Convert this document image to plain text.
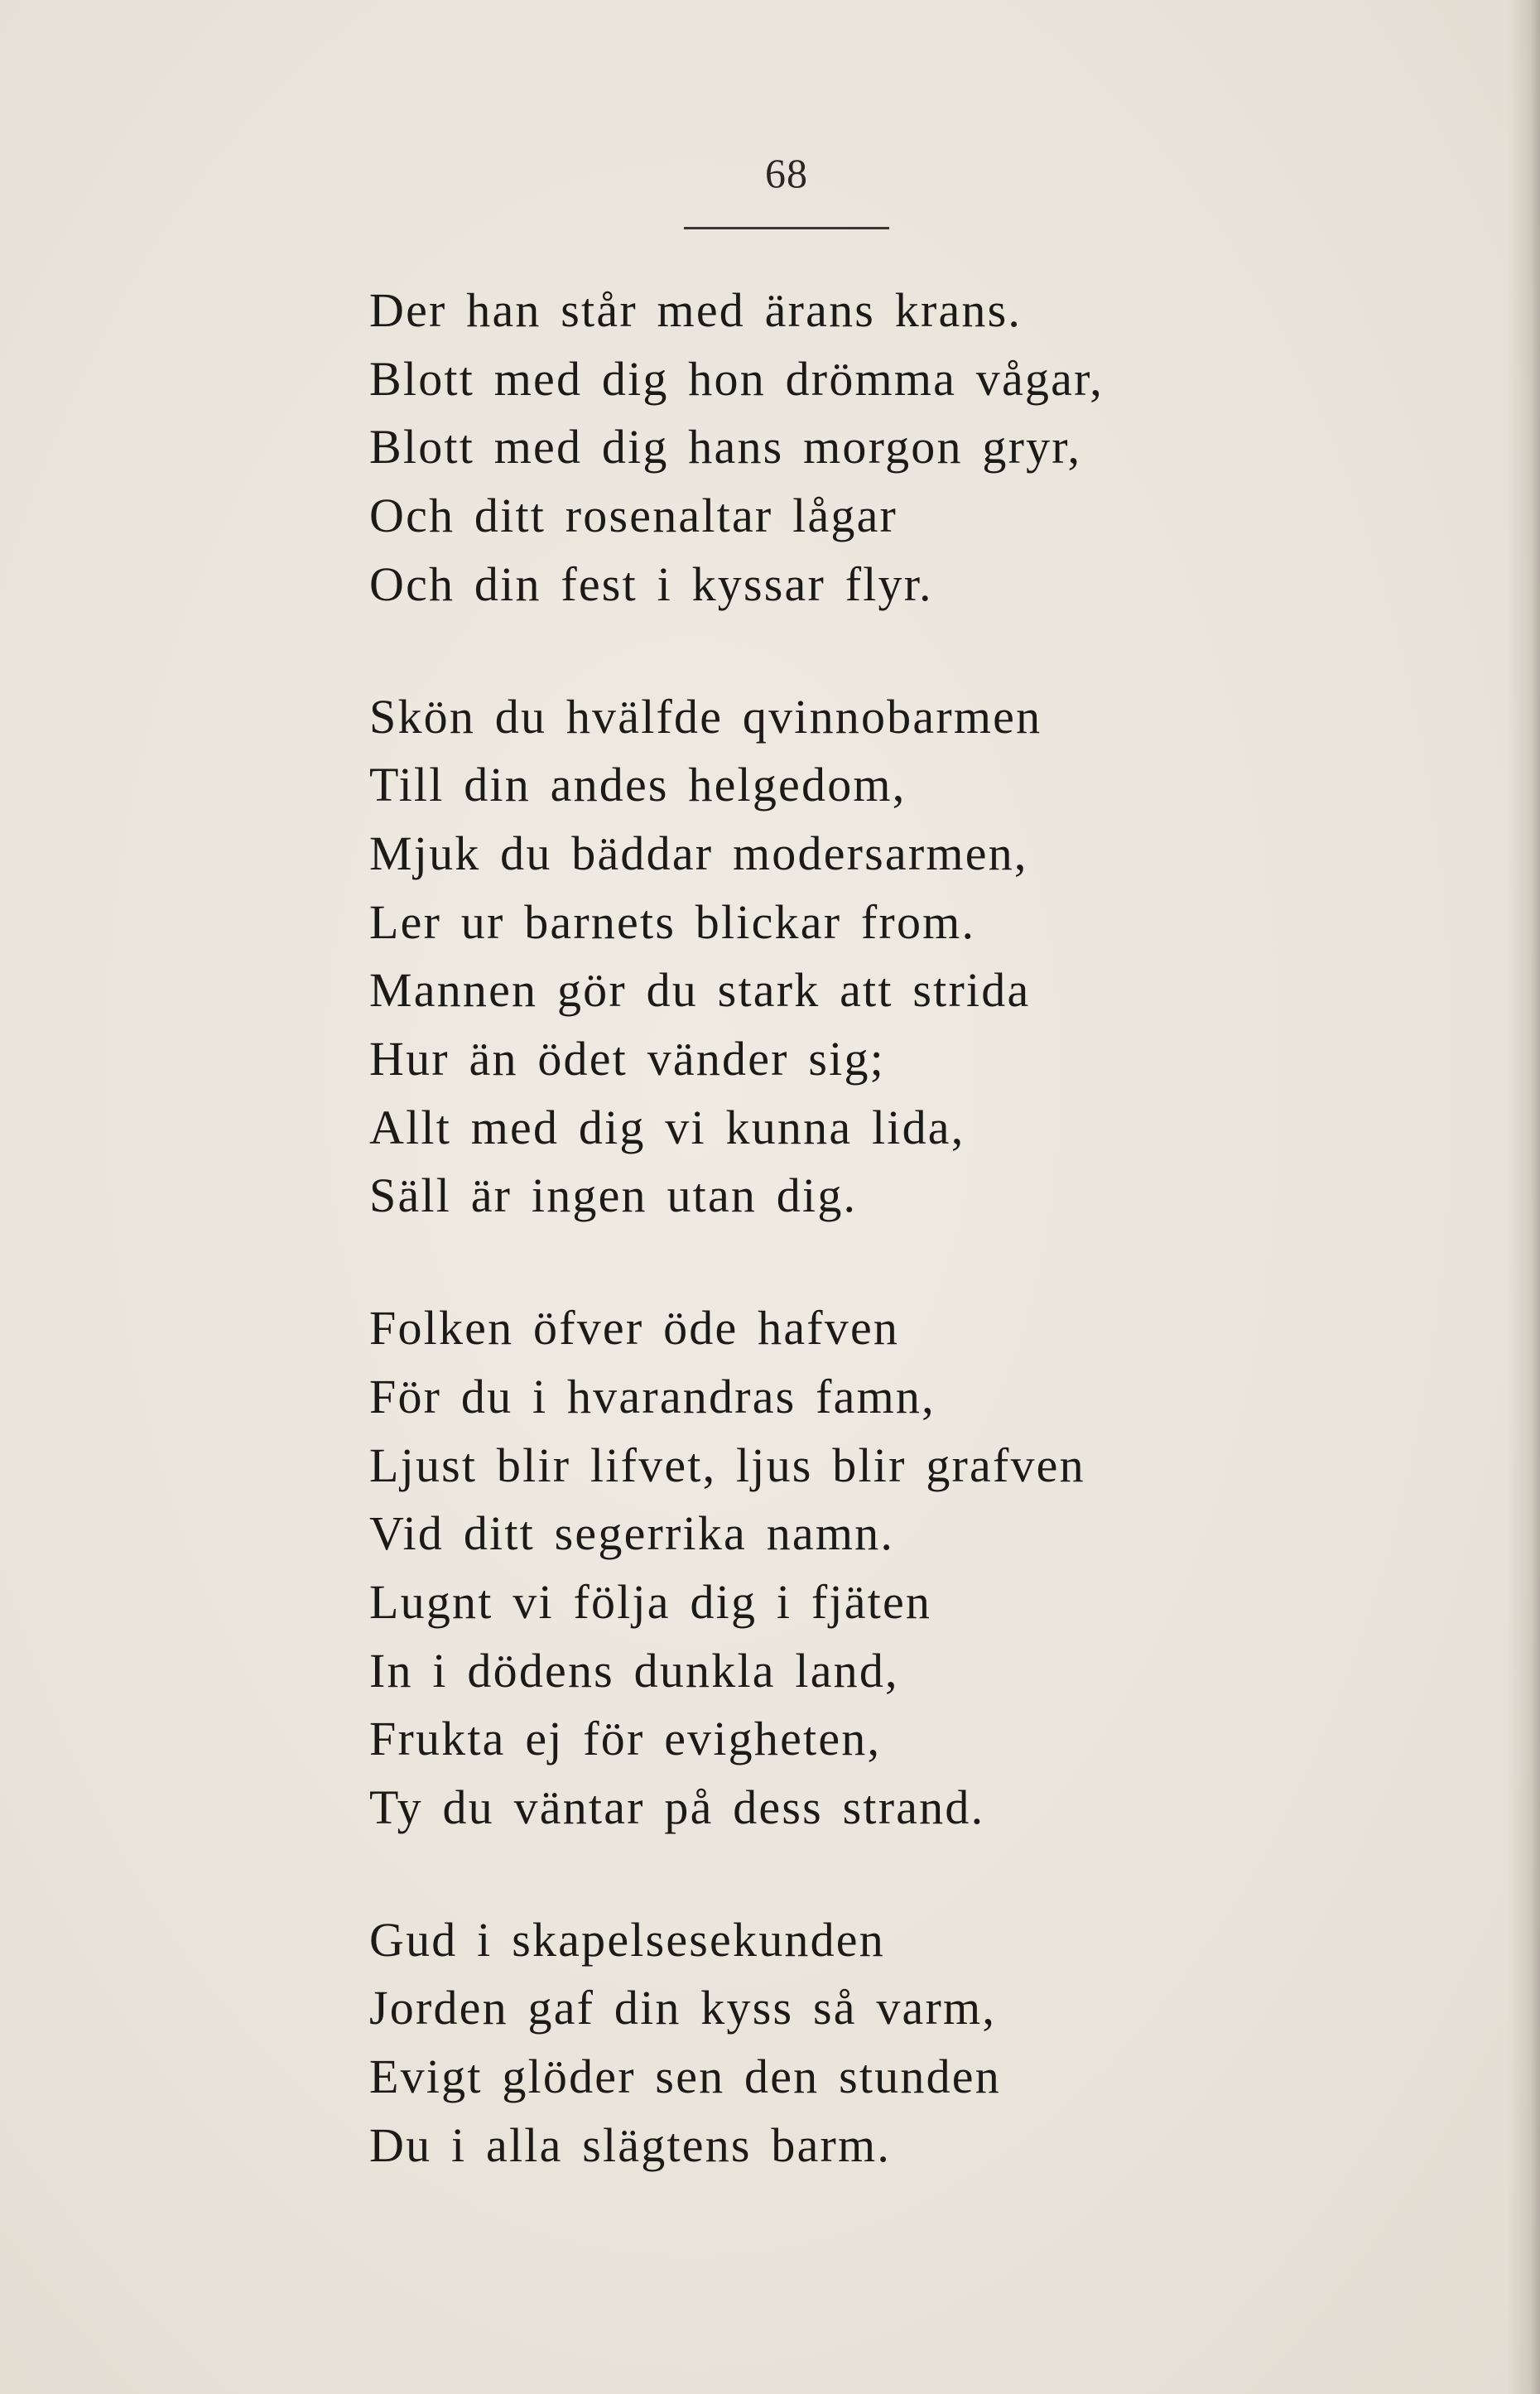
68
Der han står med ärans krans.
Blott med dig hon drömma vågar,
Blott med dig hans morgon gryr,
Och ditt rosenaltar lågar
Och din fest i kyssar flyr.
Skön du hvälfde qvinnobarmen
Till din andes helgedom,
Mjuk du bäddar modersarmen,
Ler ur barnets blickar from.
Mannen gör du stark att strida
Hur än ödet vänder sig;
Allt med dig vi kunna lida,
Säll är ingen utan dig.
Folken öfver öde hafven
För du i hvarandras famn,
Ljust blir lifvet, ljus blir grafven
Vid ditt segerrika namn.
Lugnt vi följa dig i fjäten
In i dödens dunkla land,
Frukta ej för evigheten,
Ty du väntar på dess strand.
Gud i skapelsesekunden
Jorden gaf din kyss så varm,
Evigt glöder sen den stunden
Du i alla slägtens barm.
